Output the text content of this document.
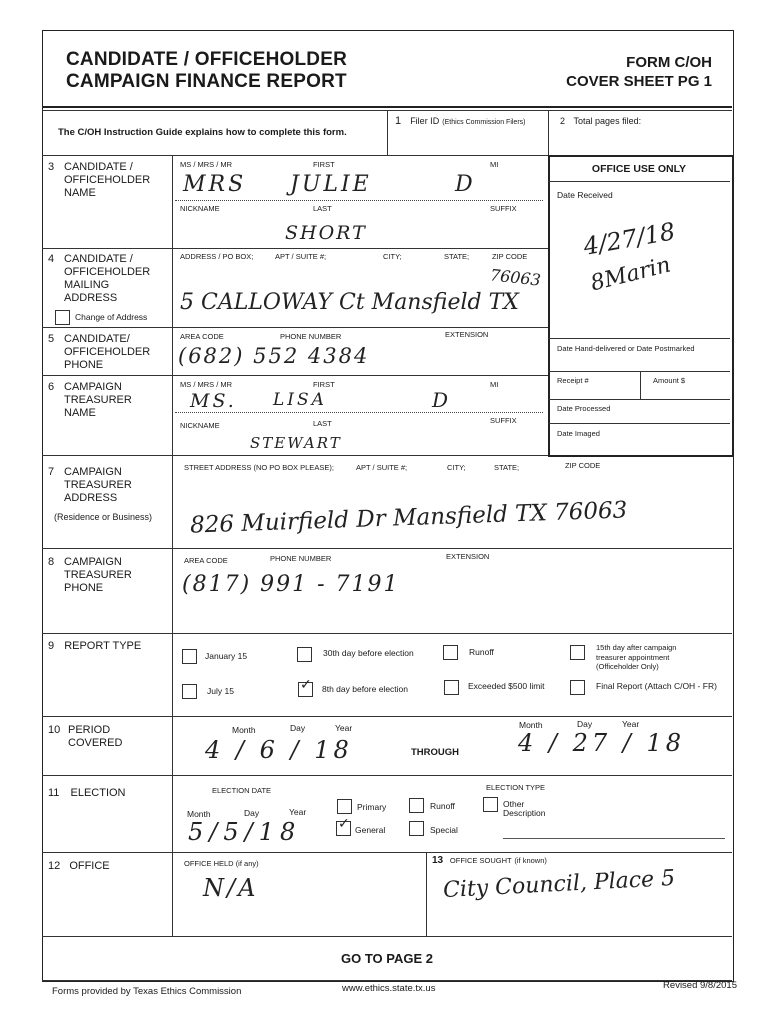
CANDIDATE / OFFICEHOLDER
CAMPAIGN FINANCE REPORT
FORM C/OH
COVER SHEET PG 1
The C/OH Instruction Guide explains how to complete this form.
1 Filer ID (Ethics Commission Filers)	2 Total pages filed:
OFFICE USE ONLY
Date Received
4/27/18
8Marin
Date Hand-delivered or Date Postmarked
Receipt #	Amount $
Date Processed
Date Imaged
3 CANDIDATE /
OFFICEHOLDER
NAME
MS / MRS / MR	FIRST	MI
MRS JULIE	D
NICKNAME	LAST	SUFFIX
SHORT
4 CANDIDATE /
OFFICEHOLDER
MAILING
ADDRESS
Change of Address
ADDRESS / PO BOX;	APT / SUITE #;	CITY;	STATE;	ZIP CODE
76063
5 CALLOWAY Ct Mansfield TX
5 CANDIDATE/
OFFICEHOLDER
PHONE
AREA CODE	PHONE NUMBER	EXTENSION
(682) 552 4384
6 CAMPAIGN
TREASURER
NAME
MS / MRS / MR	FIRST	MI
MS. LISA	D
NICKNAME	LAST	SUFFIX
STEWART
7 CAMPAIGN
TREASURER
ADDRESS
(Residence or Business)
STREET ADDRESS (NO PO BOX PLEASE);	APT / SUITE #;	CITY;	STATE;	ZIP CODE
826 Muirfield Dr Mansfield TX 76063
8 CAMPAIGN
TREASURER
PHONE
AREA CODE	PHONE NUMBER	EXTENSION
(817) 991 - 7191
9 REPORT TYPE
January 15	30th day before election	Runoff	15th day after campaign treasurer appointment (Officeholder Only)
July 15	✓ 8th day before election	Exceeded $500 limit	Final Report (Attach C/OH - FR)
10 PERIOD
COVERED
Month	Day	Year
4 / 6 / 18	THROUGH
Month	Day	Year
4 / 27 / 18
11 ELECTION	ELECTION DATE
Month	Day	Year
5/5/18
ELECTION TYPE
Primary	Runoff	Other
Description
✓ General	Special
12 OFFICE	OFFICE HELD (if any)
N/A
13 OFFICE SOUGHT (if known)
City Council, Place 5
GO TO PAGE 2
Forms provided by Texas Ethics Commission	www.ethics.state.tx.us	Revised 9/8/2015
